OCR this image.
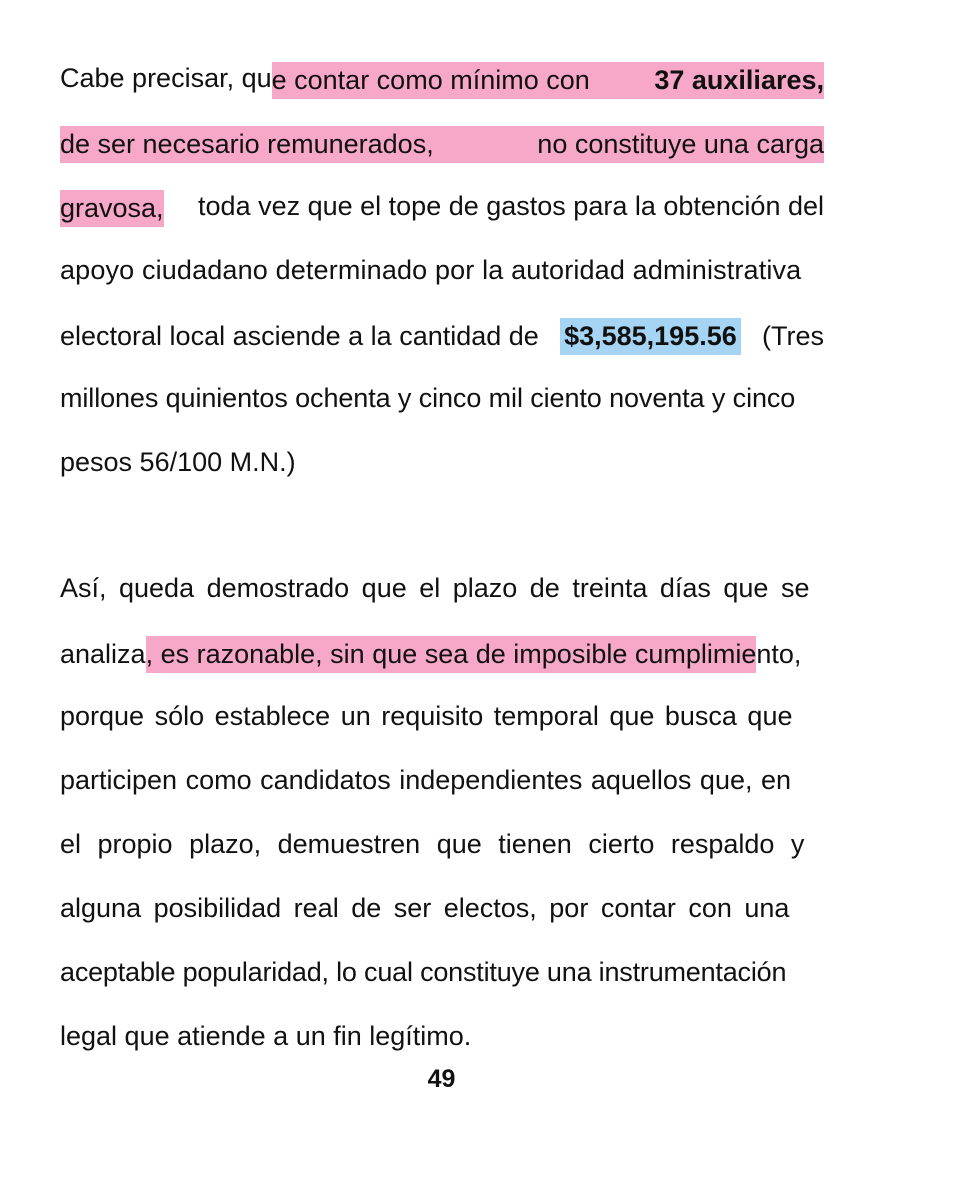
Cabe precisar, qu e contar como mínimo con 37 auxiliares,
de ser necesario remunerados,	no constituye una carga
gravosa, toda vez que el tope de gastos para la obtención del
apoyo ciudadano determinado por la autoridad administrativa
electoral local asciende a la cantidad de $3,585,195.56 (Tres
millones quinientos ochenta y cinco mil ciento noventa y cinco
pesos 56/100 M.N.)
Así, queda demostrado que el plazo de treinta días que se
analiza , es razonable, sin que sea de imposible cumplimie nto,
porque sólo establece un requisito temporal que busca que
participen como candidatos independientes aquellos que, en
el propio plazo, demuestren que tienen cierto respaldo y
alguna posibilidad real de ser electos, por contar con una
aceptable popularidad, lo cual constituye una instrumentación
legal que atiende a un fin legítimo.
49
